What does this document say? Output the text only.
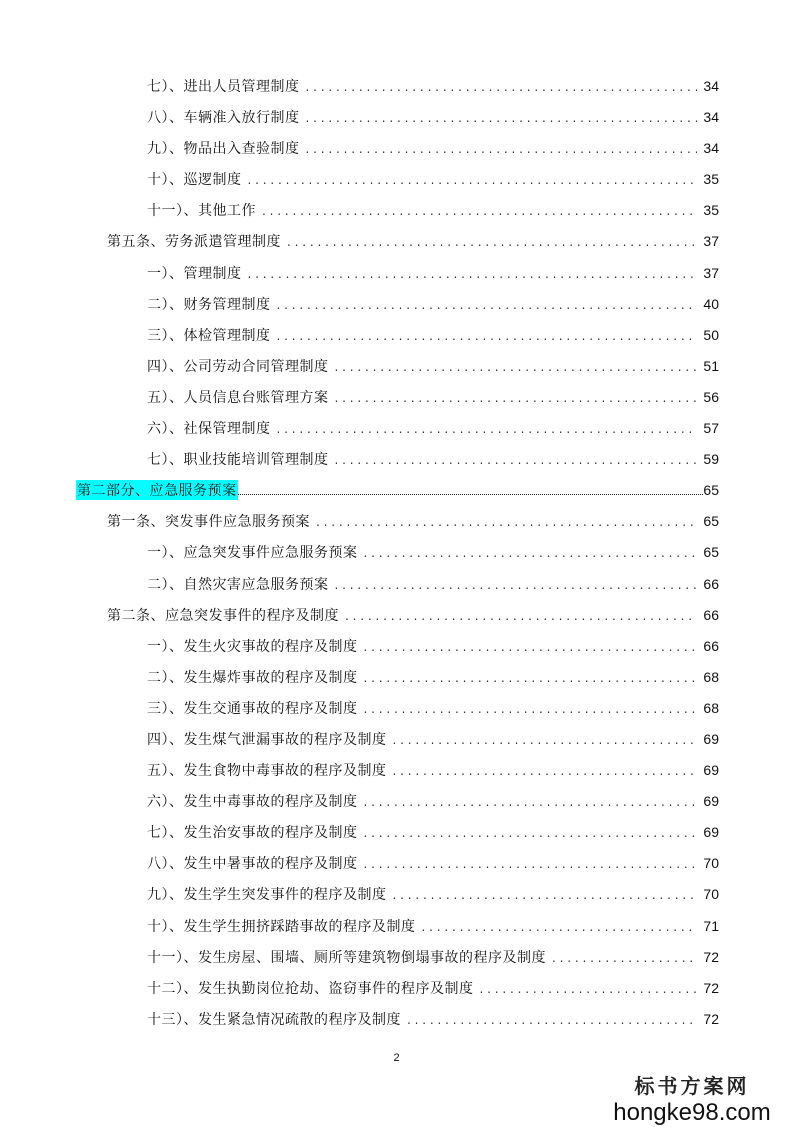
七）、进出人员管理制度 . . .	34
八）、车辆准入放行制度 . . .	34
九）、物品出入查验制度 . . .	34
十）、巡逻制度 . . .	35
十一）、其他工作 . . .	35
第五条、劳务派遣管理制度 . . .	37
一）、管理制度 . . .	37
二）、财务管理制度 . . .	40
三）、体检管理制度 . . .	50
四）、公司劳动合同管理制度 . . .	51
五）、人员信息台账管理方案 . . .	56
六）、社保管理制度 . . .	57
七）、职业技能培训管理制度 . . .	59
第二部分、应急服务预案	65
第一条、突发事件应急服务预案 . . .	65
一）、应急突发事件应急服务预案 . . .	65
二）、自然灾害应急服务预案 . . .	66
第二条、应急突发事件的程序及制度 . . .	66
一）、发生火灾事故的程序及制度 . . .	66
二）、发生爆炸事故的程序及制度 . . .	68
三）、发生交通事故的程序及制度 . . .	68
四）、发生煤气泄漏事故的程序及制度 . . .	69
五）、发生食物中毒事故的程序及制度 . . .	69
六）、发生中毒事故的程序及制度 . . .	69
七）、发生治安事故的程序及制度 . . .	69
八）、发生中暑事故的程序及制度 . . .	70
九）、发生学生突发事件的程序及制度 . . .	70
十）、发生学生拥挤踩踏事故的程序及制度 . . .	71
十一）、发生房屋、围墙、厕所等建筑物倒塌事故的程序及制度 . . .	72
十二）、发生执勤岗位抢劫、盗窃事件的程序及制度 . . .	72
十三）、发生紧急情况疏散的程序及制度 . . .	72
2
标书方案网
hongke98.com
